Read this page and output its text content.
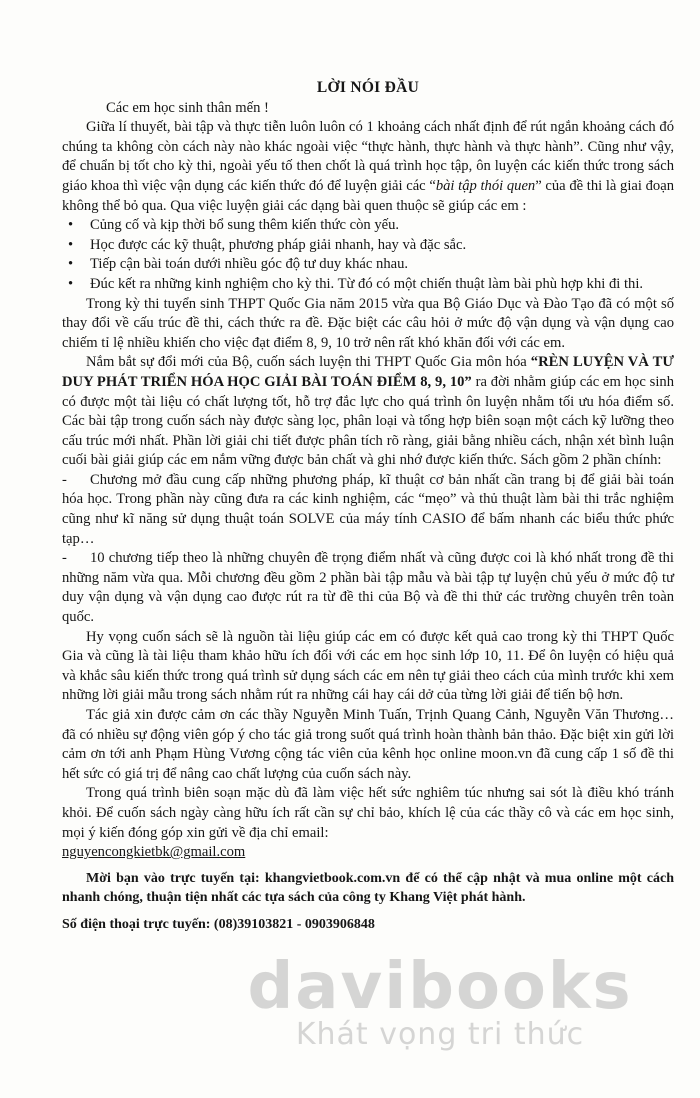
LỜI NÓI ĐẦU
Các em học sinh thân mến !

Giữa lí thuyết, bài tập và thực tiễn luôn luôn có 1 khoảng cách nhất định để rút ngắn khoảng cách đó chúng ta không còn cách này nào khác ngoài việc “thực hành, thực hành và thực hành”. Cũng như vậy, để chuẩn bị tốt cho kỳ thi, ngoài yếu tố then chốt là quá trình học tập, ôn luyện các kiến thức trong sách giáo khoa thì việc vận dụng các kiến thức đó để luyện giải các “bài tập thói quen” của đề thi là giai đoạn không thể bỏ qua. Qua việc luyện giải các dạng bài quen thuộc sẽ giúp các em :

• Củng cố và kịp thời bổ sung thêm kiến thức còn yếu.
• Học được các kỹ thuật, phương pháp giải nhanh, hay và đặc sắc.
• Tiếp cận bài toán dưới nhiều góc độ tư duy khác nhau.
• Đúc kết ra những kinh nghiệm cho kỳ thi. Từ đó có một chiến thuật làm bài phù hợp khi đi thi.

Trong kỳ thi tuyển sinh THPT Quốc Gia năm 2015 vừa qua Bộ Giáo Dục và Đào Tạo đã có một số thay đổi về cấu trúc đề thi, cách thức ra đề. Đặc biệt các câu hỏi ở mức độ vận dụng và vận dụng cao chiếm tỉ lệ nhiều khiến cho việc đạt điểm 8, 9, 10 trở nên rất khó khăn đối với các em.

Nắm bắt sự đổi mới của Bộ, cuốn sách luyện thi THPT Quốc Gia môn hóa “RÈN LUYỆN VÀ TƯ DUY PHÁT TRIỂN HÓA HỌC GIẢI BÀI TOÁN ĐIỂM 8, 9, 10” ra đời nhằm giúp các em học sinh có được một tài liệu có chất lượng tốt, hỗ trợ đắc lực cho quá trình ôn luyện nhằm tối ưu hóa điểm số. Các bài tập trong cuốn sách này được sàng lọc, phân loại và tổng hợp biên soạn một cách kỹ lưỡng theo cấu trúc mới nhất. Phần lời giải chi tiết được phân tích rõ ràng, giải bằng nhiều cách, nhận xét bình luận cuối bài giải giúp các em nắm vững được bản chất và ghi nhớ được kiến thức. Sách gồm 2 phần chính:

- Chương mở đầu cung cấp những phương pháp, kĩ thuật cơ bản nhất cần trang bị để giải bài toán hóa học. Trong phần này cũng đưa ra các kinh nghiệm, các “mẹo” và thủ thuật làm bài thi trắc nghiệm cũng như kĩ năng sử dụng thuật toán SOLVE của máy tính CASIO để bấm nhanh các biểu thức phức tạp…
- 10 chương tiếp theo là những chuyên đề trọng điểm nhất và cũng được coi là khó nhất trong đề thi những năm vừa qua. Mỗi chương đều gồm 2 phần bài tập mẫu và bài tập tự luyện chủ yếu ở mức độ tư duy vận dụng và vận dụng cao được rút ra từ đề thi của Bộ và đề thi thử các trường chuyên trên toàn quốc.

Hy vọng cuốn sách sẽ là nguồn tài liệu giúp các em có được kết quả cao trong kỳ thi THPT Quốc Gia và cũng là tài liệu tham khảo hữu ích đối với các em học sinh lớp 10, 11. Để ôn luyện có hiệu quả và khắc sâu kiến thức trong quá trình sử dụng sách các em nên tự giải theo cách của mình trước khi xem những lời giải mẫu trong sách nhằm rút ra những cái hay cái dở của từng lời giải để tiến bộ hơn.

Tác giả xin được cảm ơn các thầy Nguyễn Minh Tuấn, Trịnh Quang Cảnh, Nguyễn Văn Thương…đã có nhiều sự động viên góp ý cho tác giả trong suốt quá trình hoàn thành bản thảo. Đặc biệt xin gửi lời cảm ơn tới anh Phạm Hùng Vương cộng tác viên của kênh học online moon.vn đã cung cấp 1 số đề thi hết sức có giá trị để nâng cao chất lượng của cuốn sách này.

Trong quá trình biên soạn mặc dù đã làm việc hết sức nghiêm túc nhưng sai sót là điều khó tránh khỏi. Để cuốn sách ngày càng hữu ích rất cần sự chỉ bảo, khích lệ của các thầy cô và các em học sinh, mọi ý kiến đóng góp xin gửi về địa chỉ email:

nguyencongkietbk@gmail.com

Mời bạn vào trực tuyến tại: khangvietbook.com.vn để có thể cập nhật và mua online một cách nhanh chóng, thuận tiện nhất các tựa sách của công ty Khang Việt phát hành.

Số điện thoại trực tuyến: (08)39103821 - 0903906848
davibooks
Khát vọng tri thức
